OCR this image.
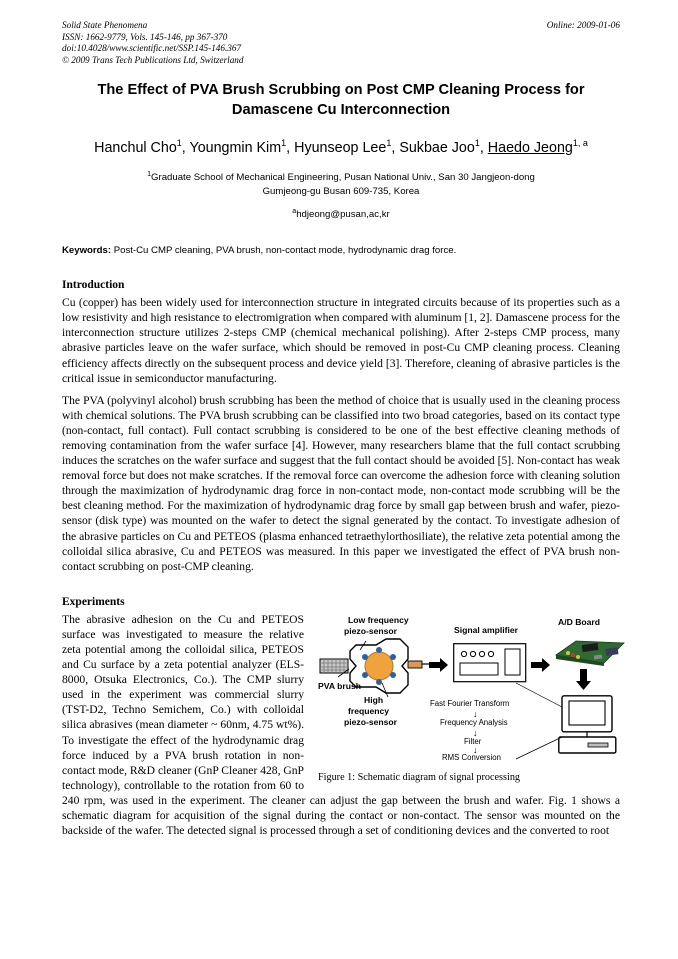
Solid State Phenomena
ISSN: 1662-9779, Vols. 145-146, pp 367-370
doi:10.4028/www.scientific.net/SSP.145-146.367
© 2009 Trans Tech Publications Ltd, Switzerland
Online: 2009-01-06
The Effect of PVA Brush Scrubbing on Post CMP Cleaning Process for
Damascene Cu Interconnection
Hanchul Cho$^1$, Youngmin Kim$^1$, Hyunseop Lee$^1$, Sukbae Joo$^1$, Haedo Jeong$^{1, a}$
$^1$Graduate School of Mechanical Engineering, Pusan National Univ., San 30 Jangjeon-dong
Gumjeong-gu Busan 609-735, Korea
$^a$hdjeong@pusan,ac,kr
Keywords: Post-Cu CMP cleaning, PVA brush, non-contact mode, hydrodynamic drag force.
Introduction

Cu (copper) has been widely used for interconnection structure in integrated circuits because of its properties such as a low resistivity and high resistance to electromigration when compared with aluminum [1, 2]. Damascene process for the interconnection structure utilizes 2-steps CMP (chemical mechanical polishing). After 2-steps CMP process, many abrasive particles leave on the wafer surface, which should be removed in post-Cu CMP cleaning process. Cleaning efficiency affects directly on the subsequent process and device yield [3]. Therefore, cleaning of abrasive particles is the critical issue in semiconductor manufacturing.

The PVA (polyvinyl alcohol) brush scrubbing has been the method of choice that is usually used in the cleaning process with chemical solutions. The PVA brush scrubbing can be classified into two broad categories, based on its contact type (non-contact, full contact). Full contact scrubbing is considered to be one of the best effective cleaning methods of removing contamination from the wafer surface [4]. However, many researchers blame that the full contact scrubbing induces the scratches on the wafer surface and suggest that the full contact should be avoided [5]. Non-contact has weak removal force but does not make scratches. If the removal force can overcome the adhesion force with cleaning solution through the maximization of hydrodynamic drag force in non-contact mode, non-contact mode scrubbing will be the best cleaning method. For the maximization of hydrodynamic drag force by small gap between brush and wafer, piezo-sensor (disk type) was mounted on the wafer to detect the signal generated by the contact. To investigate adhesion of the abrasive particles on Cu and PETEOS (plasma enhanced tetraethylorthosiliate), the relative zeta potential among the colloidal silica abrasive, Cu and PETEOS was measured. In this paper we investigated the effect of PVA brush non-contact scrubbing on post-CMP cleaning.

Experiments
Low frequency
piezo-sensor
PVA brush
High
frequency
piezo-sensor
Signal amplifier
A/D Board
Fast Fourier Transform
↓
Frequency Analysis
↓
Filter
↓
RMS Conversion
Figure 1: Schematic diagram of signal processing

The abrasive adhesion on the Cu and PETEOS surface was investigated to measure the relative zeta potential among the colloidal silica, PETEOS and Cu surface by a zeta potential analyzer (ELS-8000, Otsuka Electronics, Co.). The CMP slurry used in the experiment was commercial slurry (TST-D2, Techno Semichem, Co.) with colloidal silica abrasives (mean diameter ~ 60nm, 4.75 wt%). To investigate the effect of the hydrodynamic drag force induced by a PVA brush rotation in non-contact mode, R&D cleaner (GnP Cleaner 428, GnP technology), controllable to the rotation from 60 to 240 rpm, was used in the experiment. The cleaner can adjust the gap between the brush and wafer. Fig. 1 shows a schematic diagram for acquisition of the signal during the contact or non-contact. The sensor was mounted on the backside of the wafer. The detected signal is processed through a set of conditioning devices and the converted to root
